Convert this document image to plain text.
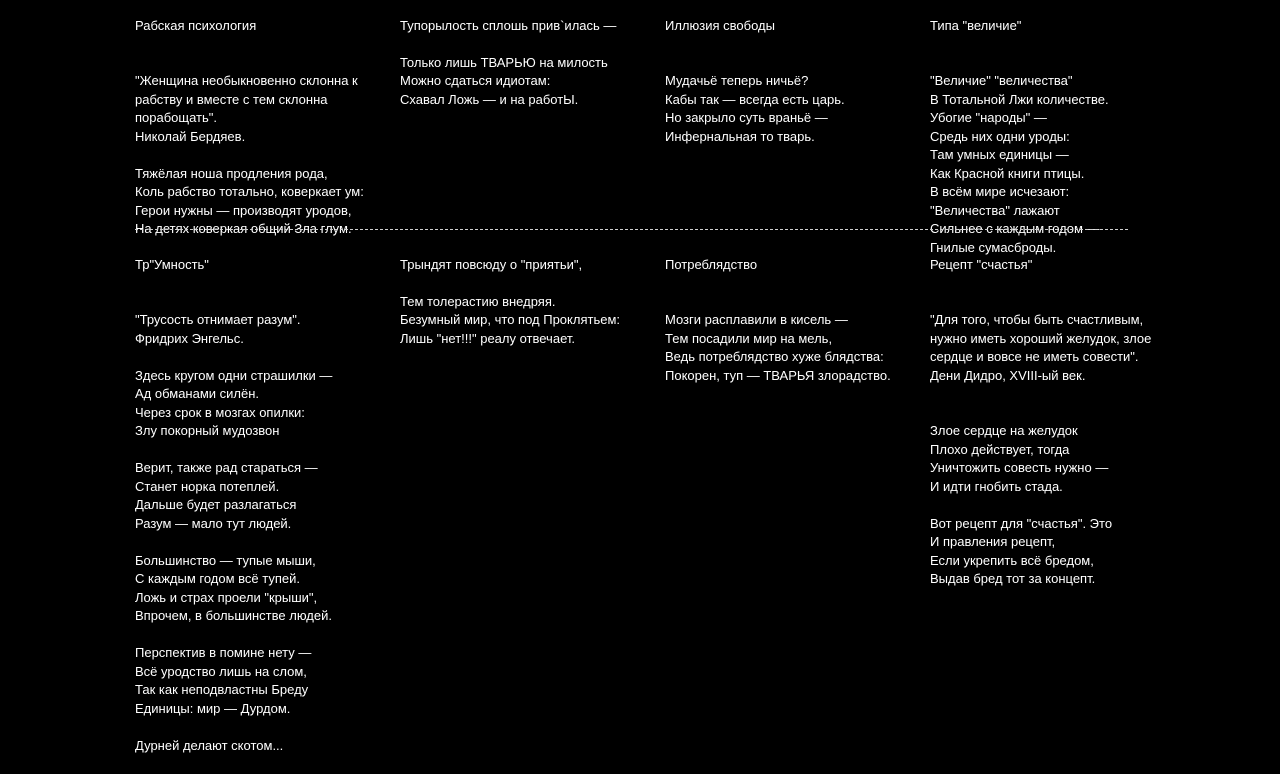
Рабская психология

"Женщина необыкновенно склонна к
рабству и вместе с тем склонна
порабощать".
Николай Бердяев.

Тяжёлая ноша продления рода,
Коль рабство тотально, коверкает ум:
Герои нужны — производят уродов,
На детях коверкая общий Зла глум.

Тупорылость сплошь прив`илась —

Только лишь ТВАРЬЮ на милость
Можно сдаться идиотам:
Схавал Ложь — и на работЫ.

Иллюзия свободы

Мудачьё теперь ничьё?
Кабы так — всегда есть царь.
Но закрыло суть враньё —
Инфернальная то тварь.

Типа "величие"

"Величие" "величества"
В Тотальной Лжи количестве.
Убогие "народы" —
Средь них одни уроды:
Там умных единицы —
Как Красной книги птицы.
В всём мире исчезают:
"Величества" лажают
Сильнее с каждым годом —
Гнилые сумасброды.

Тр"Умность"

"Трусость отнимает разум".
Фридрих Энгельс.

Здесь кругом одни страшилки —
Ад обманами силён.
Через срок в мозгах опилки:
Злу покорный мудозвон

Верит, также рад стараться —
Станет норка потеплей.
Дальше будет разлагаться
Разум — мало тут людей.

Большинство — тупые мыши,
С каждым годом всё тупей.
Ложь и страх проели "крыши",
Впрочем, в большинстве людей.

Перспектив в помине нету —
Всё уродство лишь на слом,
Так как неподвластны Бреду
Единицы: мир — Дурдом.

Дурней делают скотом...

Трындят повсюду о "приятьи",

Тем толерастию внедряя.
Безумный мир, что под Проклятьем:
Лишь "нет!!!" реалу отвечает.

Потреблядство

Мозги расплавили в кисель —
Тем посадили мир на мель,
Ведь потреблядство хуже блядства:
Покорен, туп — ТВАРЬЯ злорадство.

Рецепт "счастья"

"Для того, чтобы быть счастливым,
нужно иметь хороший желудок, злое
сердце и вовсе не иметь совести".
Дени Дидро, XVIII-ый век.

Злое сердце на желудок
Плохо действует, тогда
Уничтожить совесть нужно —
И идти гнобить стада.

Вот рецепт для "счастья". Это
И правления рецепт,
Если укрепить всё бредом,
Выдав бред тот за концепт.
